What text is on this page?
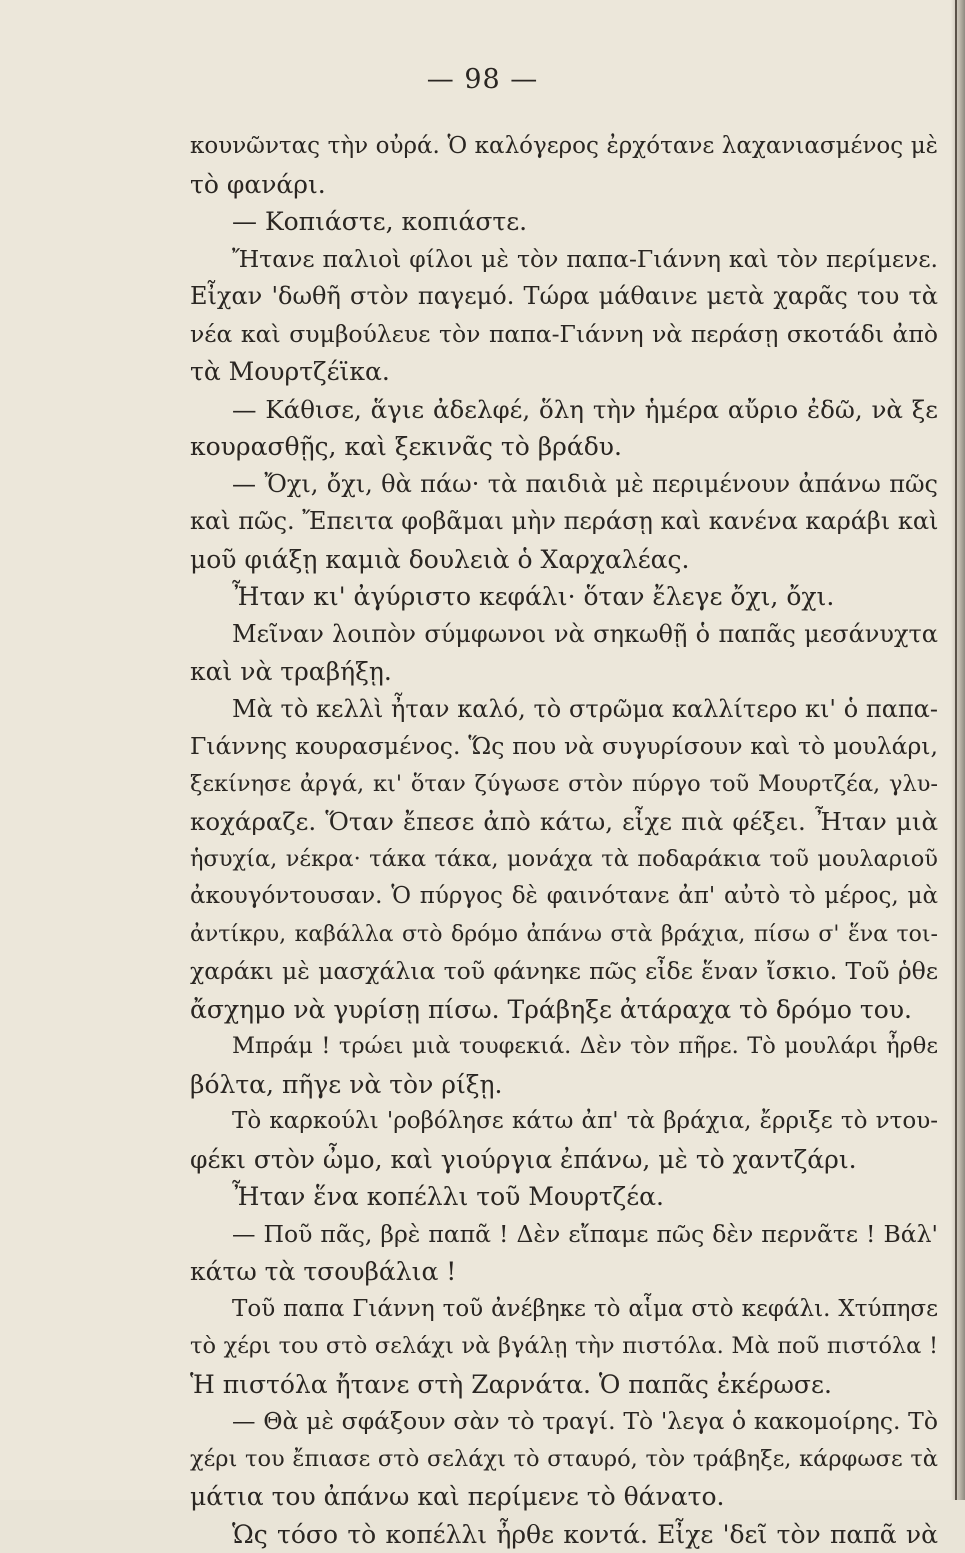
— 98 —
κουνῶντας τὴν οὐρά. Ὁ καλόγερος ἐρχότανε λαχανιασμένος μὲ
τὸ φανάρι.
— Κοπιάστε, κοπιάστε.
Ἤτανε παλιοὶ φίλοι μὲ τὸν παπα-Γιάννη καὶ τὸν περίμενε.
Εἶχαν 'δωθῆ στὸν παγεμό. Τώρα μάθαινε μετὰ χαρᾶς του τὰ
νέα καὶ συμβούλευε τὸν παπα-Γιάννη νὰ περάσῃ σκοτάδι ἀπὸ
τὰ Μουρτζέϊκα.
— Κάθισε, ἅγιε ἀδελφέ, ὅλη τὴν ἡμέρα αὔριο ἐδῶ, νὰ ξε
κουρασθῇς, καὶ ξεκινᾶς τὸ βράδυ.
— Ὄχι, ὄχι, θὰ πάω· τὰ παιδιὰ μὲ περιμένουν ἀπάνω πῶς
καὶ πῶς. Ἔπειτα φοβᾶμαι μὴν περάσῃ καὶ κανένα καράβι καὶ
μοῦ φιάξῃ καμιὰ δουλειὰ ὁ Χαρχαλέας.
Ἦταν κι' ἀγύριστο κεφάλι· ὅταν ἔλεγε ὄχι, ὄχι.
Μεῖναν λοιπὸν σύμφωνοι νὰ σηκωθῇ ὁ παπᾶς μεσάνυχτα
καὶ νὰ τραβήξῃ.
Μὰ τὸ κελλὶ ἦταν καλό, τὸ στρῶμα καλλίτερο κι' ὁ παπα-
Γιάννης κουρασμένος. Ὥς που νὰ συγυρίσουν καὶ τὸ μουλάρι,
ξεκίνησε ἀργά, κι' ὅταν ζύγωσε στὸν πύργο τοῦ Μουρτζέα, γλυ-
κοχάραζε. Ὅταν ἔπεσε ἀπὸ κάτω, εἶχε πιὰ φέξει. Ἦταν μιὰ
ἡσυχία, νέκρα· τάκα τάκα, μονάχα τὰ ποδαράκια τοῦ μουλαριοῦ
ἀκουγόντουσαν. Ὁ πύργος δὲ φαινότανε ἀπ' αὐτὸ τὸ μέρος, μὰ
ἀντίκρυ, καβάλλα στὸ δρόμο ἀπάνω στὰ βράχια, πίσω σ' ἕνα τοι-
χαράκι μὲ μασχάλια τοῦ φάνηκε πῶς εἶδε ἕναν ἴσκιο. Τοῦ ῥθε
ἄσχημο νὰ γυρίσῃ πίσω. Τράβηξε ἀτάραχα τὸ δρόμο του.
Μπράμ ! τρώει μιὰ τουφεκιά. Δὲν τὸν πῆρε. Τὸ μουλάρι ἦρθε
βόλτα, πῆγε νὰ τὸν ρίξῃ.
Τὸ καρκούλι 'ροβόλησε κάτω ἀπ' τὰ βράχια, ἔρριξε τὸ ντου-
φέκι στὸν ὦμο, καὶ γιούργια ἐπάνω, μὲ τὸ χαντζάρι.
Ἦταν ἕνα κοπέλλι τοῦ Μουρτζέα.
— Ποῦ πᾶς, βρὲ παπᾶ ! Δὲν εἴπαμε πῶς δὲν περνᾶτε ! Βάλ'
κάτω τὰ τσουβάλια !
Τοῦ παπα Γιάννη τοῦ ἀνέβηκε τὸ αἷμα στὸ κεφάλι. Χτύπησε
τὸ χέρι του στὸ σελάχι νὰ βγάλῃ τὴν πιστόλα. Μὰ ποῦ πιστόλα !
Ἡ πιστόλα ἤτανε στὴ Ζαρνάτα. Ὁ παπᾶς ἐκέρωσε.
— Θὰ μὲ σφάξουν σὰν τὸ τραγί. Τὸ 'λεγα ὁ κακομοίρης. Τὸ
χέρι του ἔπιασε στὸ σελάχι τὸ σταυρό, τὸν τράβηξε, κάρφωσε τὰ
μάτια του ἀπάνω καὶ περίμενε τὸ θάνατο.
Ὡς τόσο τὸ κοπέλλι ἦρθε κοντά. Εἶχε 'δεῖ τὸν παπᾶ νὰ
